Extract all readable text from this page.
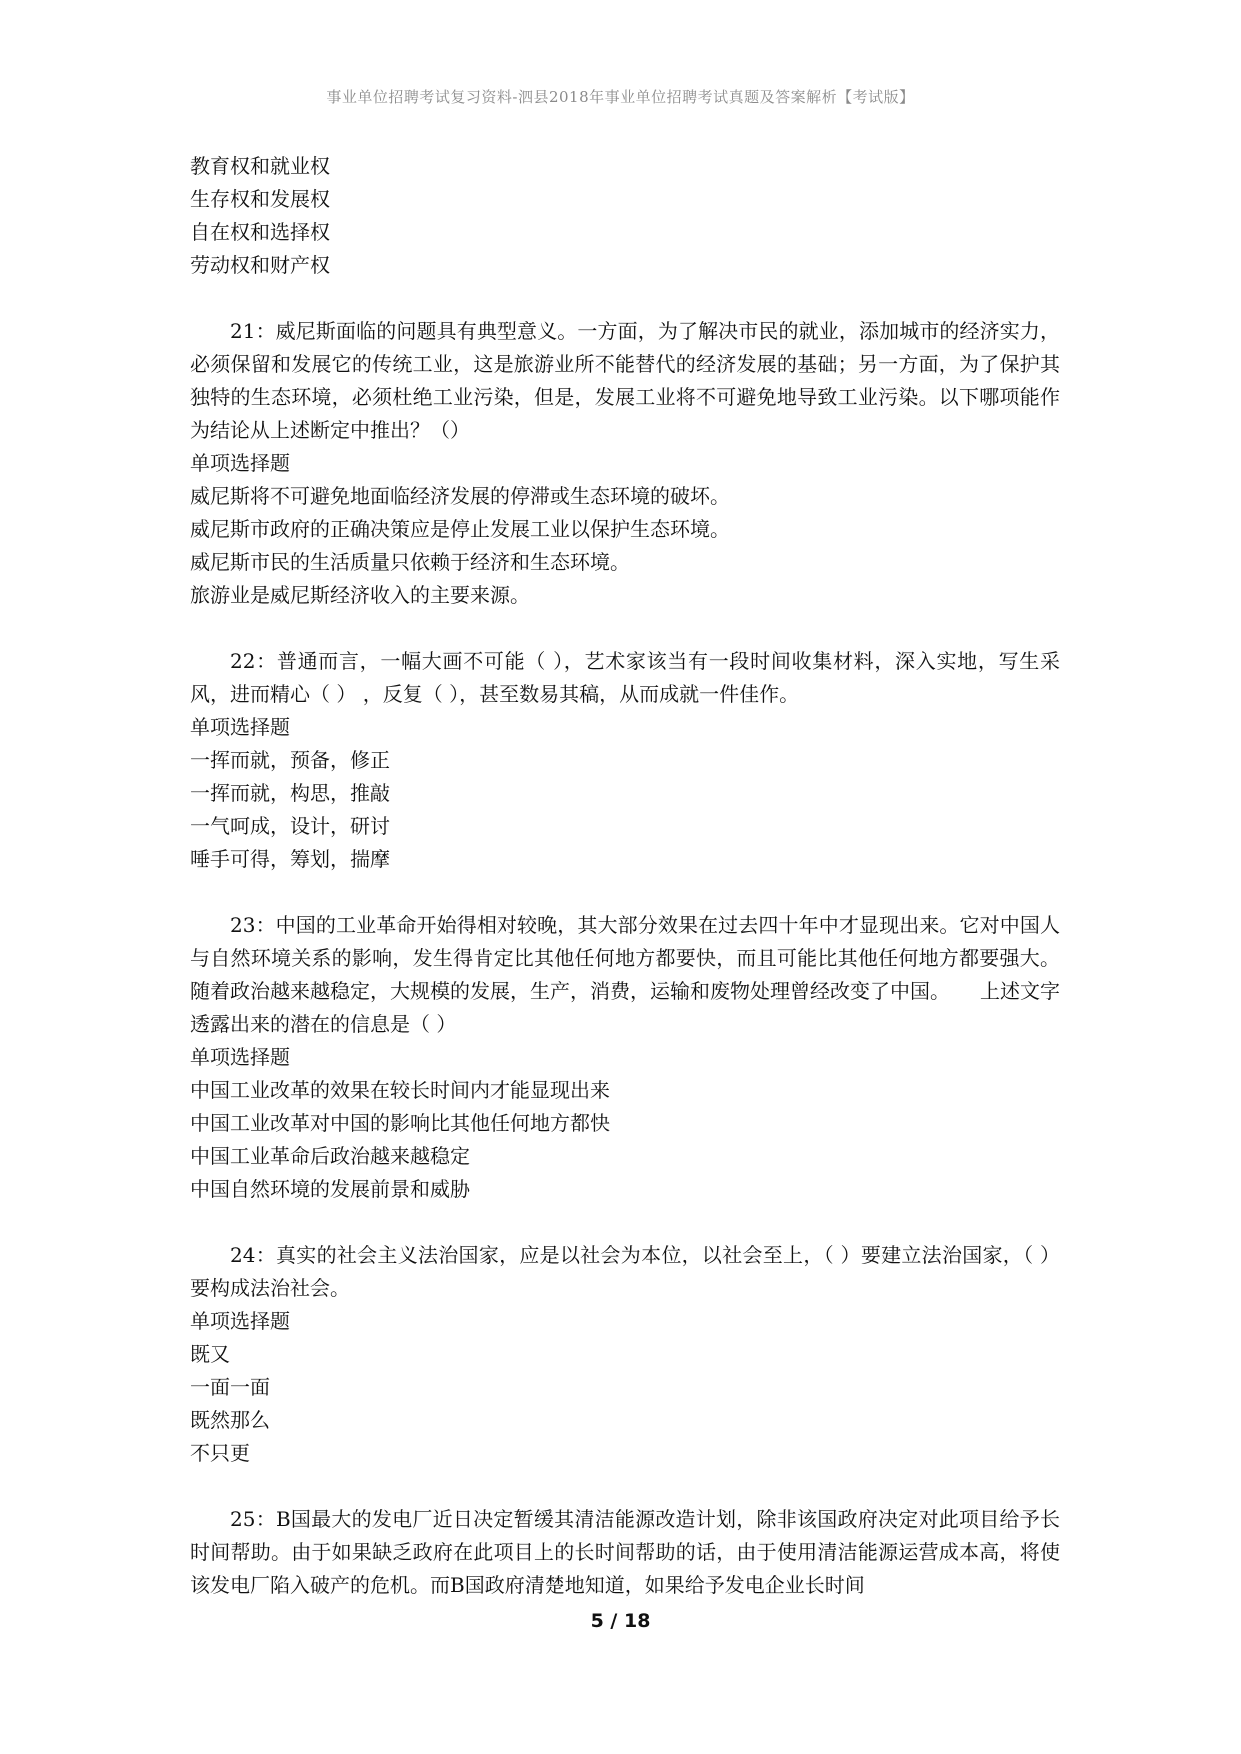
事业单位招聘考试复习资料-泗县2018年事业单位招聘考试真题及答案解析【考试版】
教育权和就业权
生存权和发展权
自在权和选择权
劳动权和财产权
21：威尼斯面临的问题具有典型意义。一方面，为了解决市民的就业，添加城市的经济实力，必须保留和发展它的传统工业，这是旅游业所不能替代的经济发展的基础；另一方面，为了保护其独特的生态环境，必须杜绝工业污染，但是，发展工业将不可避免地导致工业污染。以下哪项能作为结论从上述断定中推出？（）
单项选择题
威尼斯将不可避免地面临经济发展的停滞或生态环境的破坏。
威尼斯市政府的正确决策应是停止发展工业以保护生态环境。
威尼斯市民的生活质量只依赖于经济和生态环境。
旅游业是威尼斯经济收入的主要来源。
22：普通而言，一幅大画不可能（ ），艺术家该当有一段时间收集材料，深入实地，写生采风，进而精心（ ） ，反复（ ），甚至数易其稿，从而成就一件佳作。
单项选择题
一挥而就，预备，修正
一挥而就，构思，推敲
一气呵成，设计，研讨
唾手可得，筹划，揣摩
23：中国的工业革命开始得相对较晚，其大部分效果在过去四十年中才显现出来。它对中国人与自然环境关系的影响，发生得肯定比其他任何地方都要快，而且可能比其他任何地方都要强大。随着政治越来越稳定，大规模的发展，生产，消费，运输和废物处理曾经改变了中国。　　上述文字透露出来的潜在的信息是（ ）
单项选择题
中国工业改革的效果在较长时间内才能显现出来
中国工业改革对中国的影响比其他任何地方都快
中国工业革命后政治越来越稳定
中国自然环境的发展前景和威胁
24：真实的社会主义法治国家，应是以社会为本位，以社会至上，（ ）要建立法治国家，（ ）要构成法治社会。
单项选择题
既又
一面一面
既然那么
不只更
25：B国最大的发电厂近日决定暂缓其清洁能源改造计划，除非该国政府决定对此项目给予长时间帮助。由于如果缺乏政府在此项目上的长时间帮助的话，由于使用清洁能源运营成本高，将使该发电厂陷入破产的危机。而B国政府清楚地知道，如果给予发电企业长时间
5 / 18
